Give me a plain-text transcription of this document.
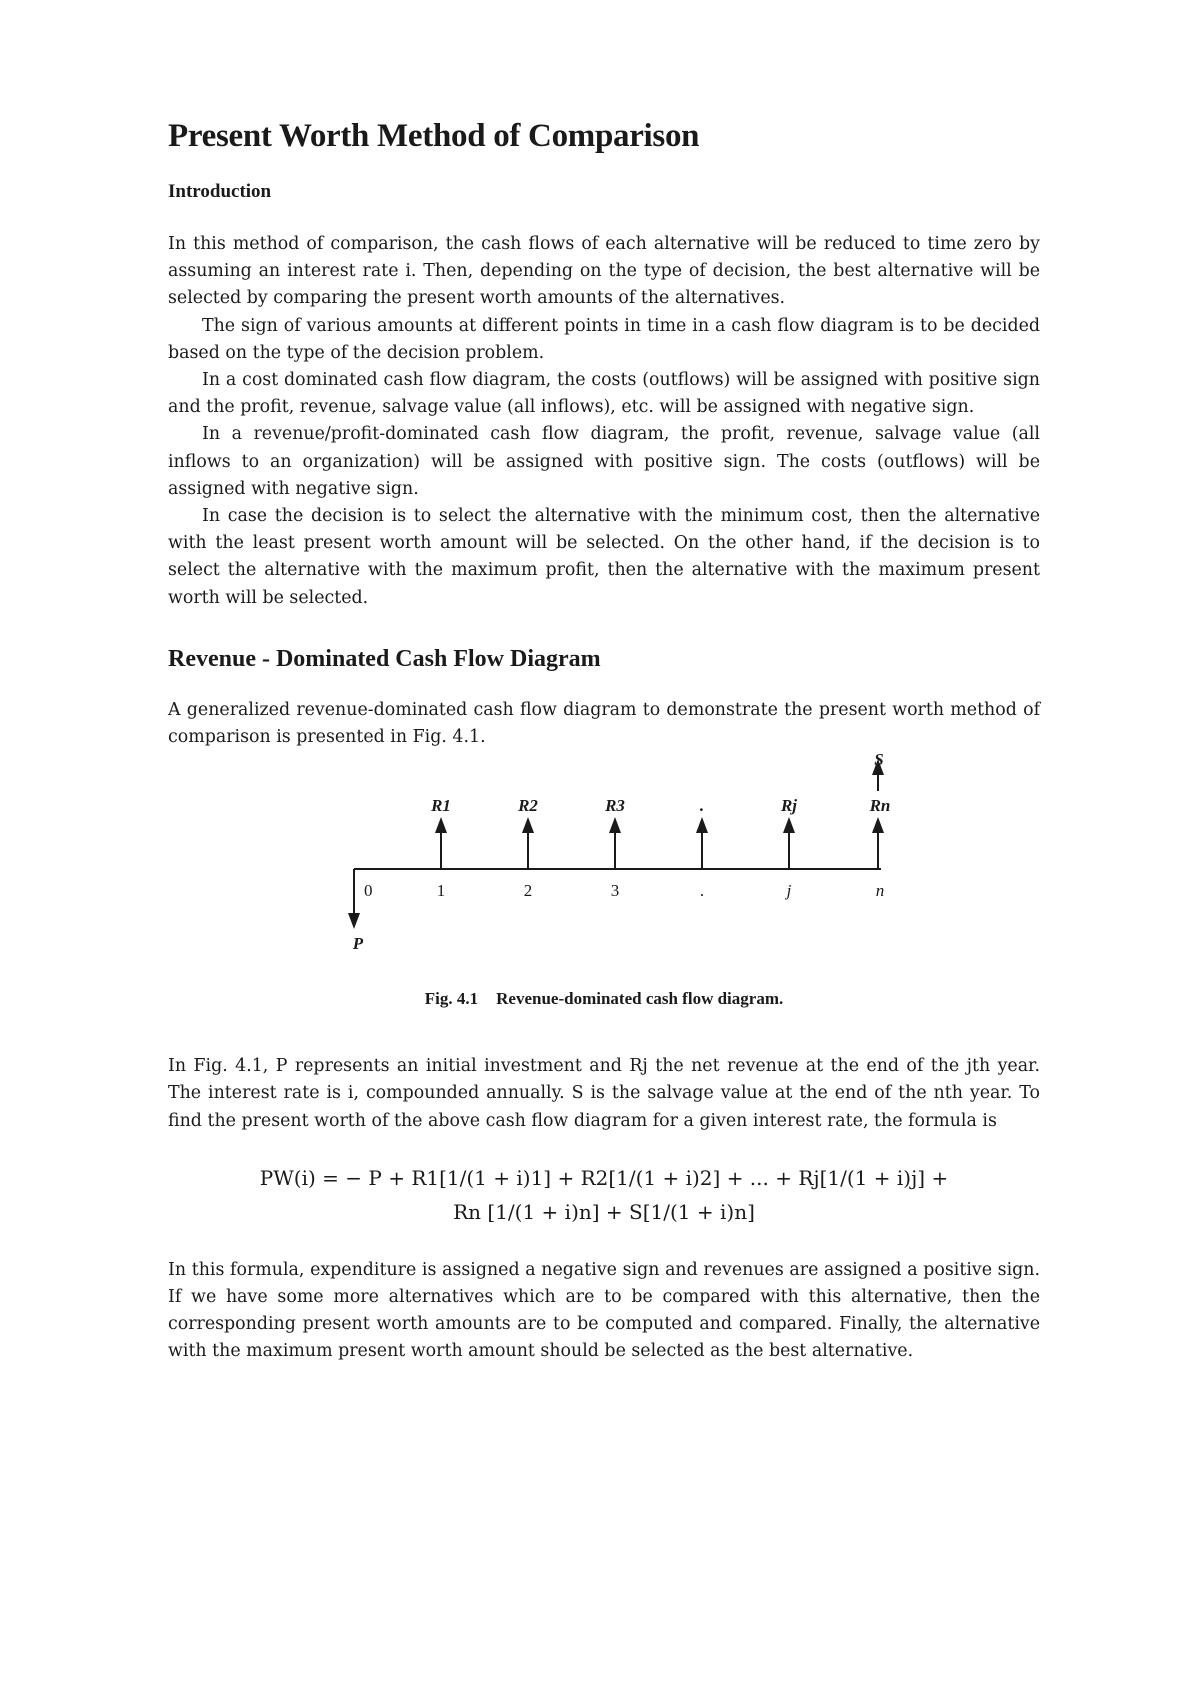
Present Worth Method of Comparison
Introduction

In this method of comparison, the cash flows of each alternative will be reduced to time zero by assuming an interest rate i. Then, depending on the type of decision, the best alternative will be selected by comparing the present worth amounts of the alternatives.

The sign of various amounts at different points in time in a cash flow diagram is to be decided based on the type of the decision problem.

In a cost dominated cash flow diagram, the costs (outflows) will be assigned with positive sign and the profit, revenue, salvage value (all inflows), etc. will be assigned with negative sign.

In a revenue/profit-dominated cash flow diagram, the profit, revenue, salvage value (all inflows to an organization) will be assigned with positive sign. The costs (outflows) will be assigned with negative sign.

In case the decision is to select the alternative with the minimum cost, then the alternative with the least present worth amount will be selected. On the other hand, if the decision is to select the alternative with the maximum profit, then the alternative with the maximum present worth will be selected.

Revenue - Dominated Cash Flow Diagram

A generalized revenue-dominated cash flow diagram to demonstrate the present worth method of comparison is presented in Fig. 4.1.

R1	R2	R3	.	Rj	Rn
S
P
0	1	2	3	.	j	n
Fig. 4.1 Revenue-dominated cash flow diagram.

In Fig. 4.1, P represents an initial investment and Rj the net revenue at the end of the jth year. The interest rate is i, compounded annually. S is the salvage value at the end of the nth year. To find the present worth of the above cash flow diagram for a given interest rate, the formula is

PW(i) = − P + R1[1/(1 + i)1] + R2[1/(1 + i)2] + ... + Rj[1/(1 + i)j] +
Rn [1/(1 + i)n] + S[1/(1 + i)n]

In this formula, expenditure is assigned a negative sign and revenues are assigned a positive sign. If we have some more alternatives which are to be compared with this alternative, then the corresponding present worth amounts are to be computed and compared. Finally, the alternative with the maximum present worth amount should be selected as the best alternative.
